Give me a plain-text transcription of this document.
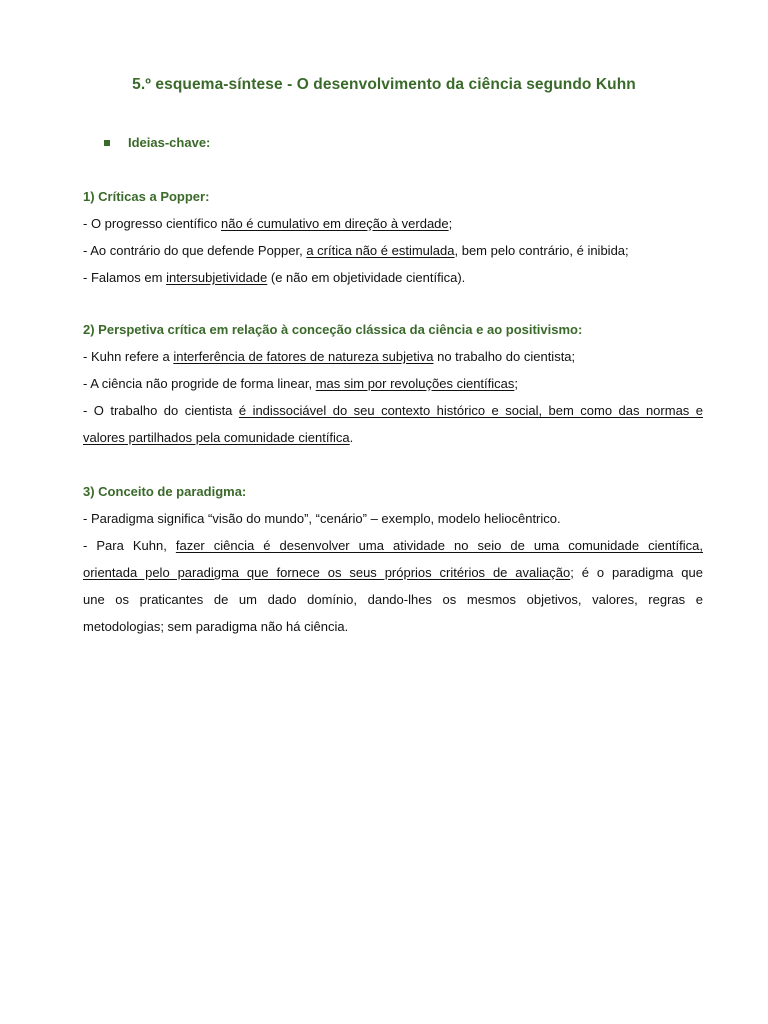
5.º esquema-síntese - O desenvolvimento da ciência segundo Kuhn
Ideias-chave:
1) Críticas a Popper:
- O progresso científico não é cumulativo em direção à verdade;
- Ao contrário do que defende Popper, a crítica não é estimulada, bem pelo contrário, é inibida;
- Falamos em intersubjetividade (e não em objetividade científica).
2) Perspetiva crítica em relação à conceção clássica da ciência e ao positivismo:
- Kuhn refere a interferência de fatores de natureza subjetiva no trabalho do cientista;
- A ciência não progride de forma linear, mas sim por revoluções científicas;
- O trabalho do cientista é indissociável do seu contexto histórico e social, bem como das normas e
valores partilhados pela comunidade científica.
3) Conceito de paradigma:
- Paradigma significa “visão do mundo”, “cenário” – exemplo, modelo heliocêntrico.
- Para Kuhn, fazer ciência é desenvolver uma atividade no seio de uma comunidade científica,
orientada pelo paradigma que fornece os seus próprios critérios de avaliação; é o paradigma que
une os praticantes de um dado domínio, dando-lhes os mesmos objetivos, valores, regras e
metodologias; sem paradigma não há ciência.
